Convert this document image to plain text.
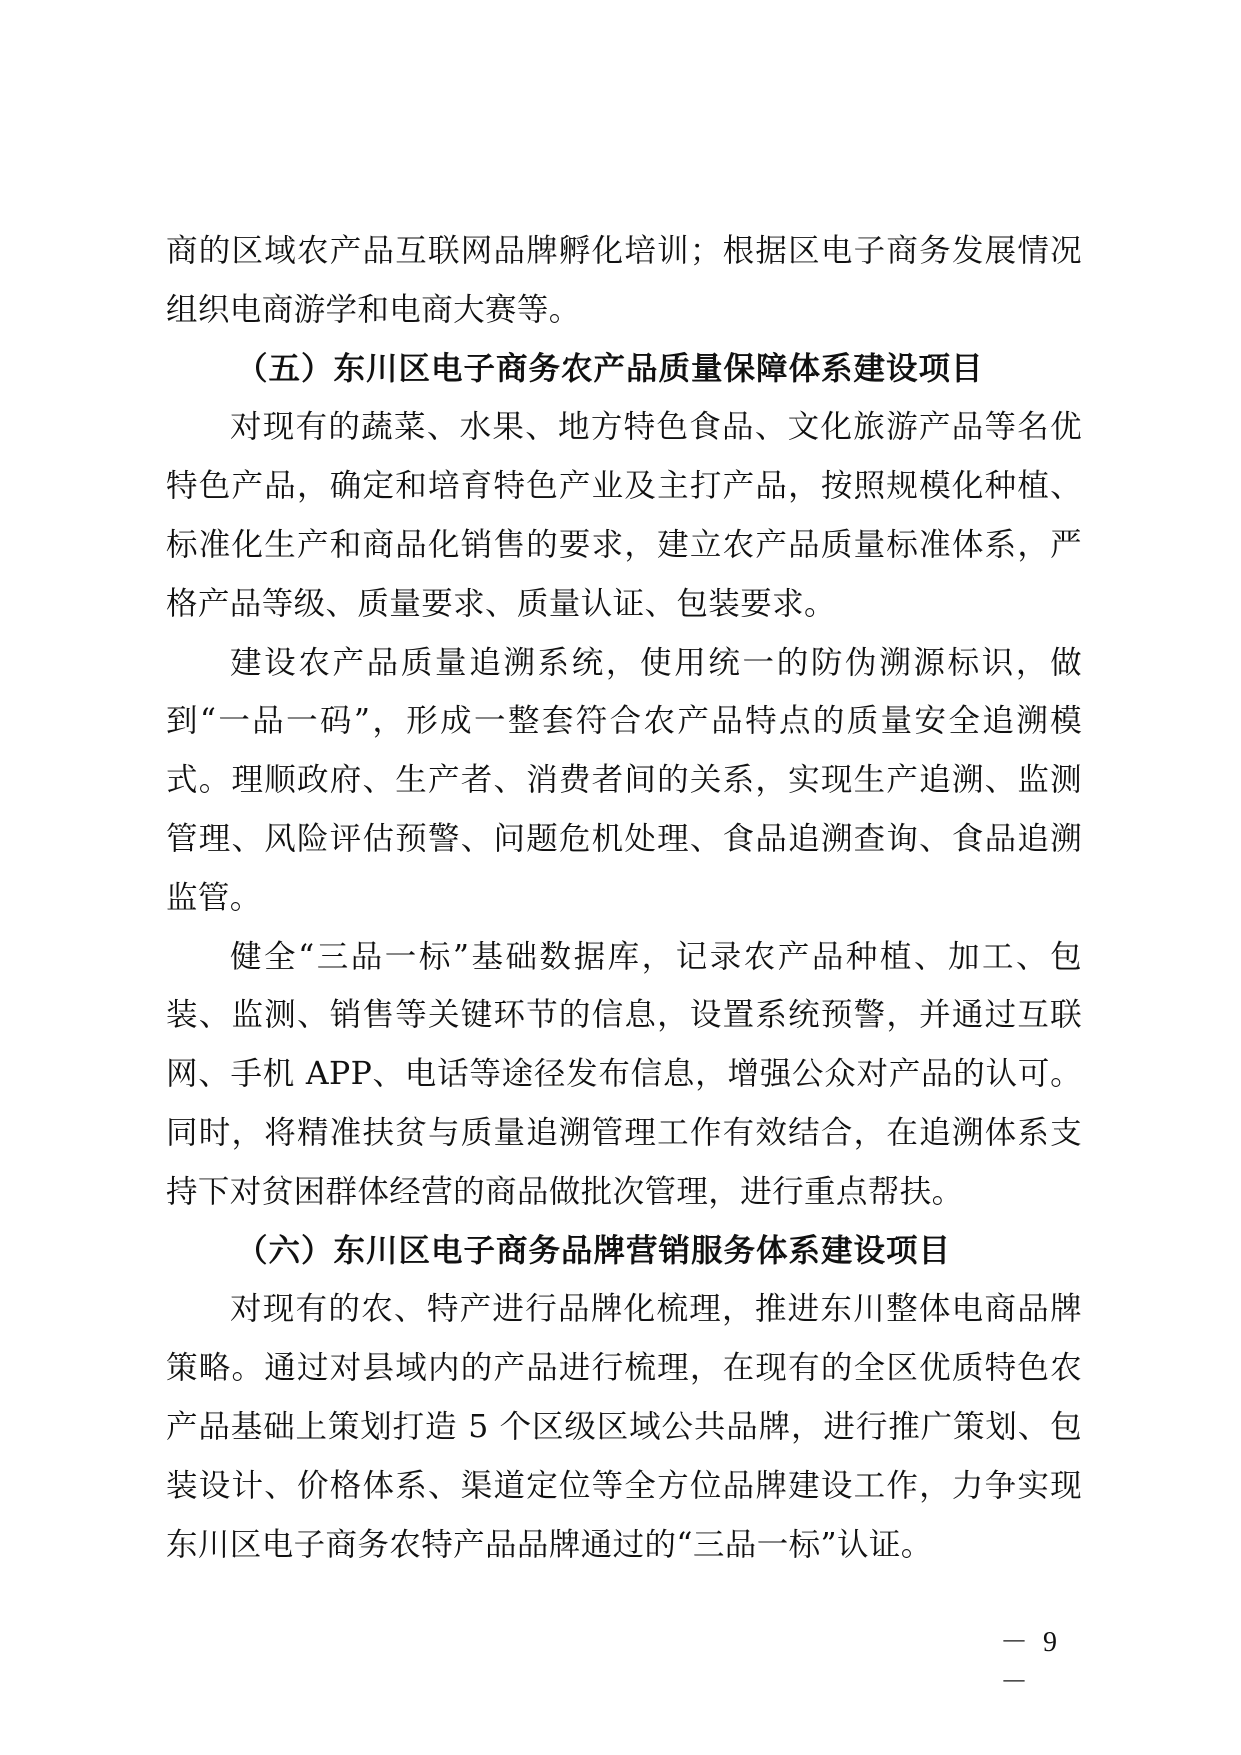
商的区域农产品互联网品牌孵化培训；根据区电子商务发展情况组织电商游学和电商大赛等。

（五）东川区电子商务农产品质量保障体系建设项目

对现有的蔬菜、水果、地方特色食品、文化旅游产品等名优特色产品，确定和培育特色产业及主打产品，按照规模化种植、标准化生产和商品化销售的要求，建立农产品质量标准体系，严格产品等级、质量要求、质量认证、包装要求。

建设农产品质量追溯系统，使用统一的防伪溯源标识，做到“一品一码”，形成一整套符合农产品特点的质量安全追溯模式。理顺政府、生产者、消费者间的关系，实现生产追溯、监测管理、风险评估预警、问题危机处理、食品追溯查询、食品追溯监管。

健全“三品一标”基础数据库，记录农产品种植、加工、包装、监测、销售等关键环节的信息，设置系统预警，并通过互联网、手机 APP、电话等途径发布信息，增强公众对产品的认可。同时，将精准扶贫与质量追溯管理工作有效结合，在追溯体系支持下对贫困群体经营的商品做批次管理，进行重点帮扶。

（六）东川区电子商务品牌营销服务体系建设项目

对现有的农、特产进行品牌化梳理，推进东川整体电商品牌策略。通过对县域内的产品进行梳理，在现有的全区优质特色农产品基础上策划打造 5 个区级区域公共品牌，进行推广策划、包装设计、价格体系、渠道定位等全方位品牌建设工作，力争实现东川区电子商务农特产品品牌通过的“三品一标”认证。

－ 9 －
